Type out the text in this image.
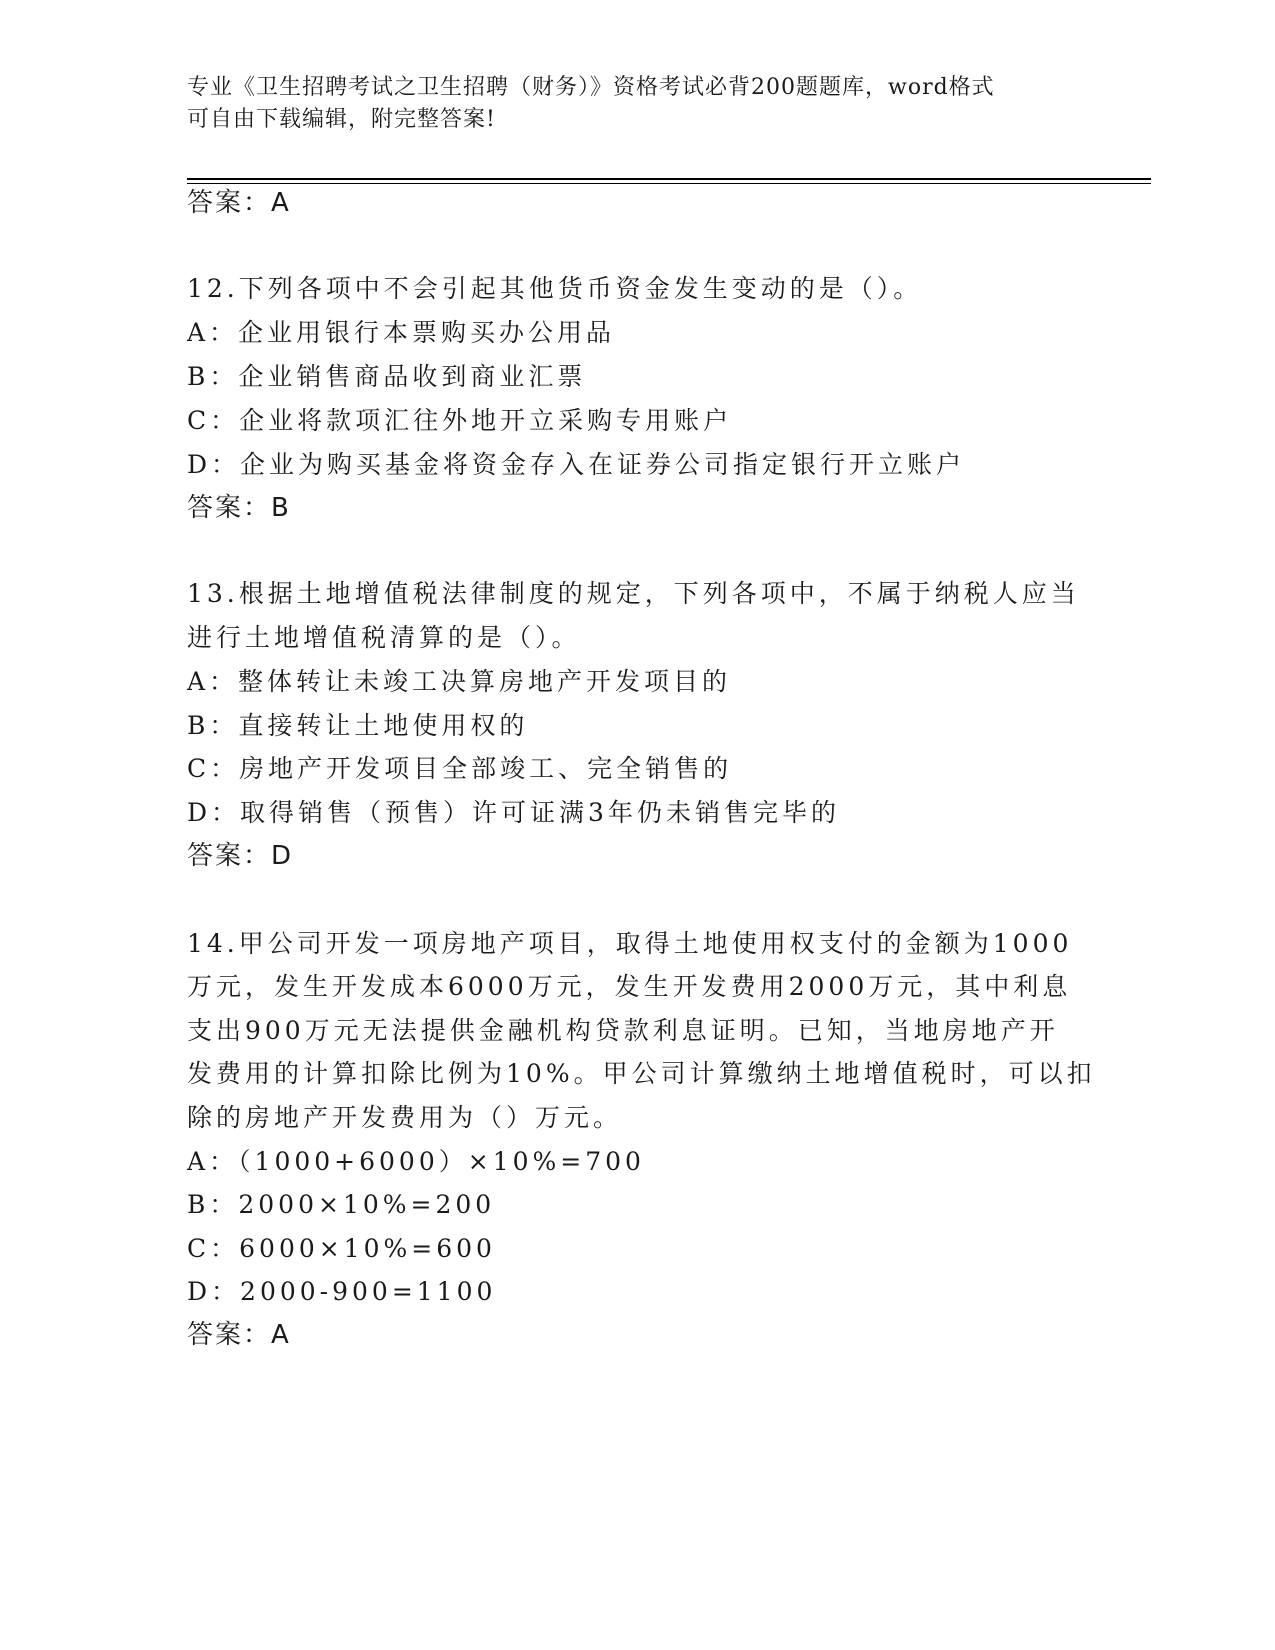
专业《卫生招聘考试之卫生招聘（财务）》资格考试必背200题题库，word格式
可自由下载编辑，附完整答案!
答案：A
12.下列各项中不会引起其他货币资金发生变动的是（）。
A：企业用银行本票购买办公用品
B：企业销售商品收到商业汇票
C：企业将款项汇往外地开立采购专用账户
D：企业为购买基金将资金存入在证券公司指定银行开立账户
答案：B
13.根据土地增值税法律制度的规定，下列各项中，不属于纳税人应当
进行土地增值税清算的是（）。
A：整体转让未竣工决算房地产开发项目的
B：直接转让土地使用权的
C：房地产开发项目全部竣工、完全销售的
D：取得销售（预售）许可证满3年仍未销售完毕的
答案：D
14.甲公司开发一项房地产项目，取得土地使用权支付的金额为1000
万元，发生开发成本6000万元，发生开发费用2000万元，其中利息
支出900万元无法提供金融机构贷款利息证明。已知，当地房地产开
发费用的计算扣除比例为10%。甲公司计算缴纳土地增值税时，可以扣
除的房地产开发费用为（）万元。
A：（1000+6000）×10%=700
B：2000×10%=200
C：6000×10%=600
D：2000-900=1100
答案：A
